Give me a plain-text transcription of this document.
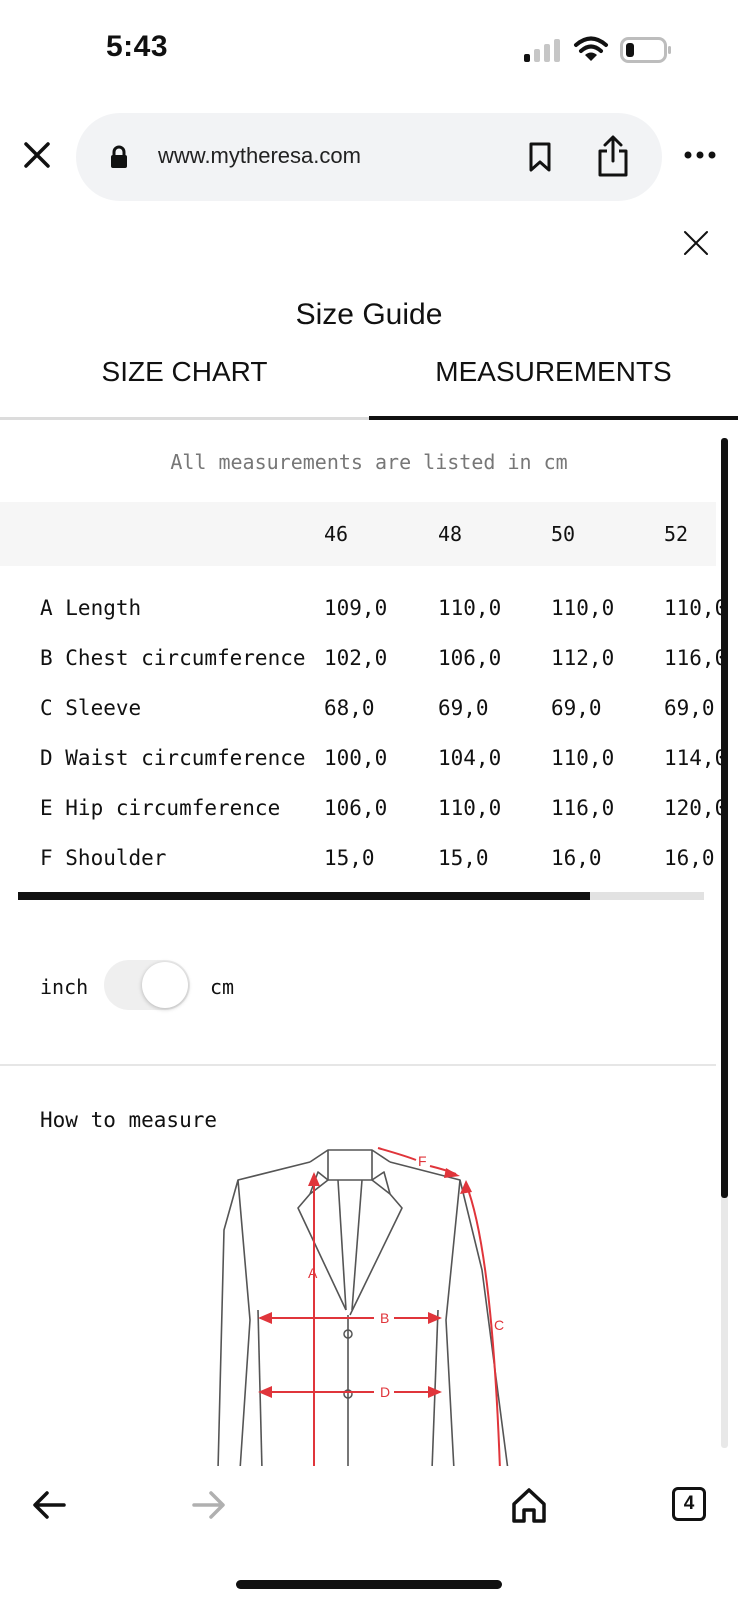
5:43
www.mytheresa.com
Size Guide
SIZE CHART	MEASUREMENTS
All measurements are listed in cm
46	48	50	52
A Length	109,0 110,0 110,0 110,0
B Chest circumference 102,0 106,0 112,0 116,0
C Sleeve	68,0	69,0	69,0	69,0
D Waist circumference 100,0 104,0 110,0 114,0
E Hip circumference 106,0 110,0 116,0 120,0
F Shoulder	15,0	15,0	16,0	16,0
inch	cm
How to measure
A
B	C
D
F
4
